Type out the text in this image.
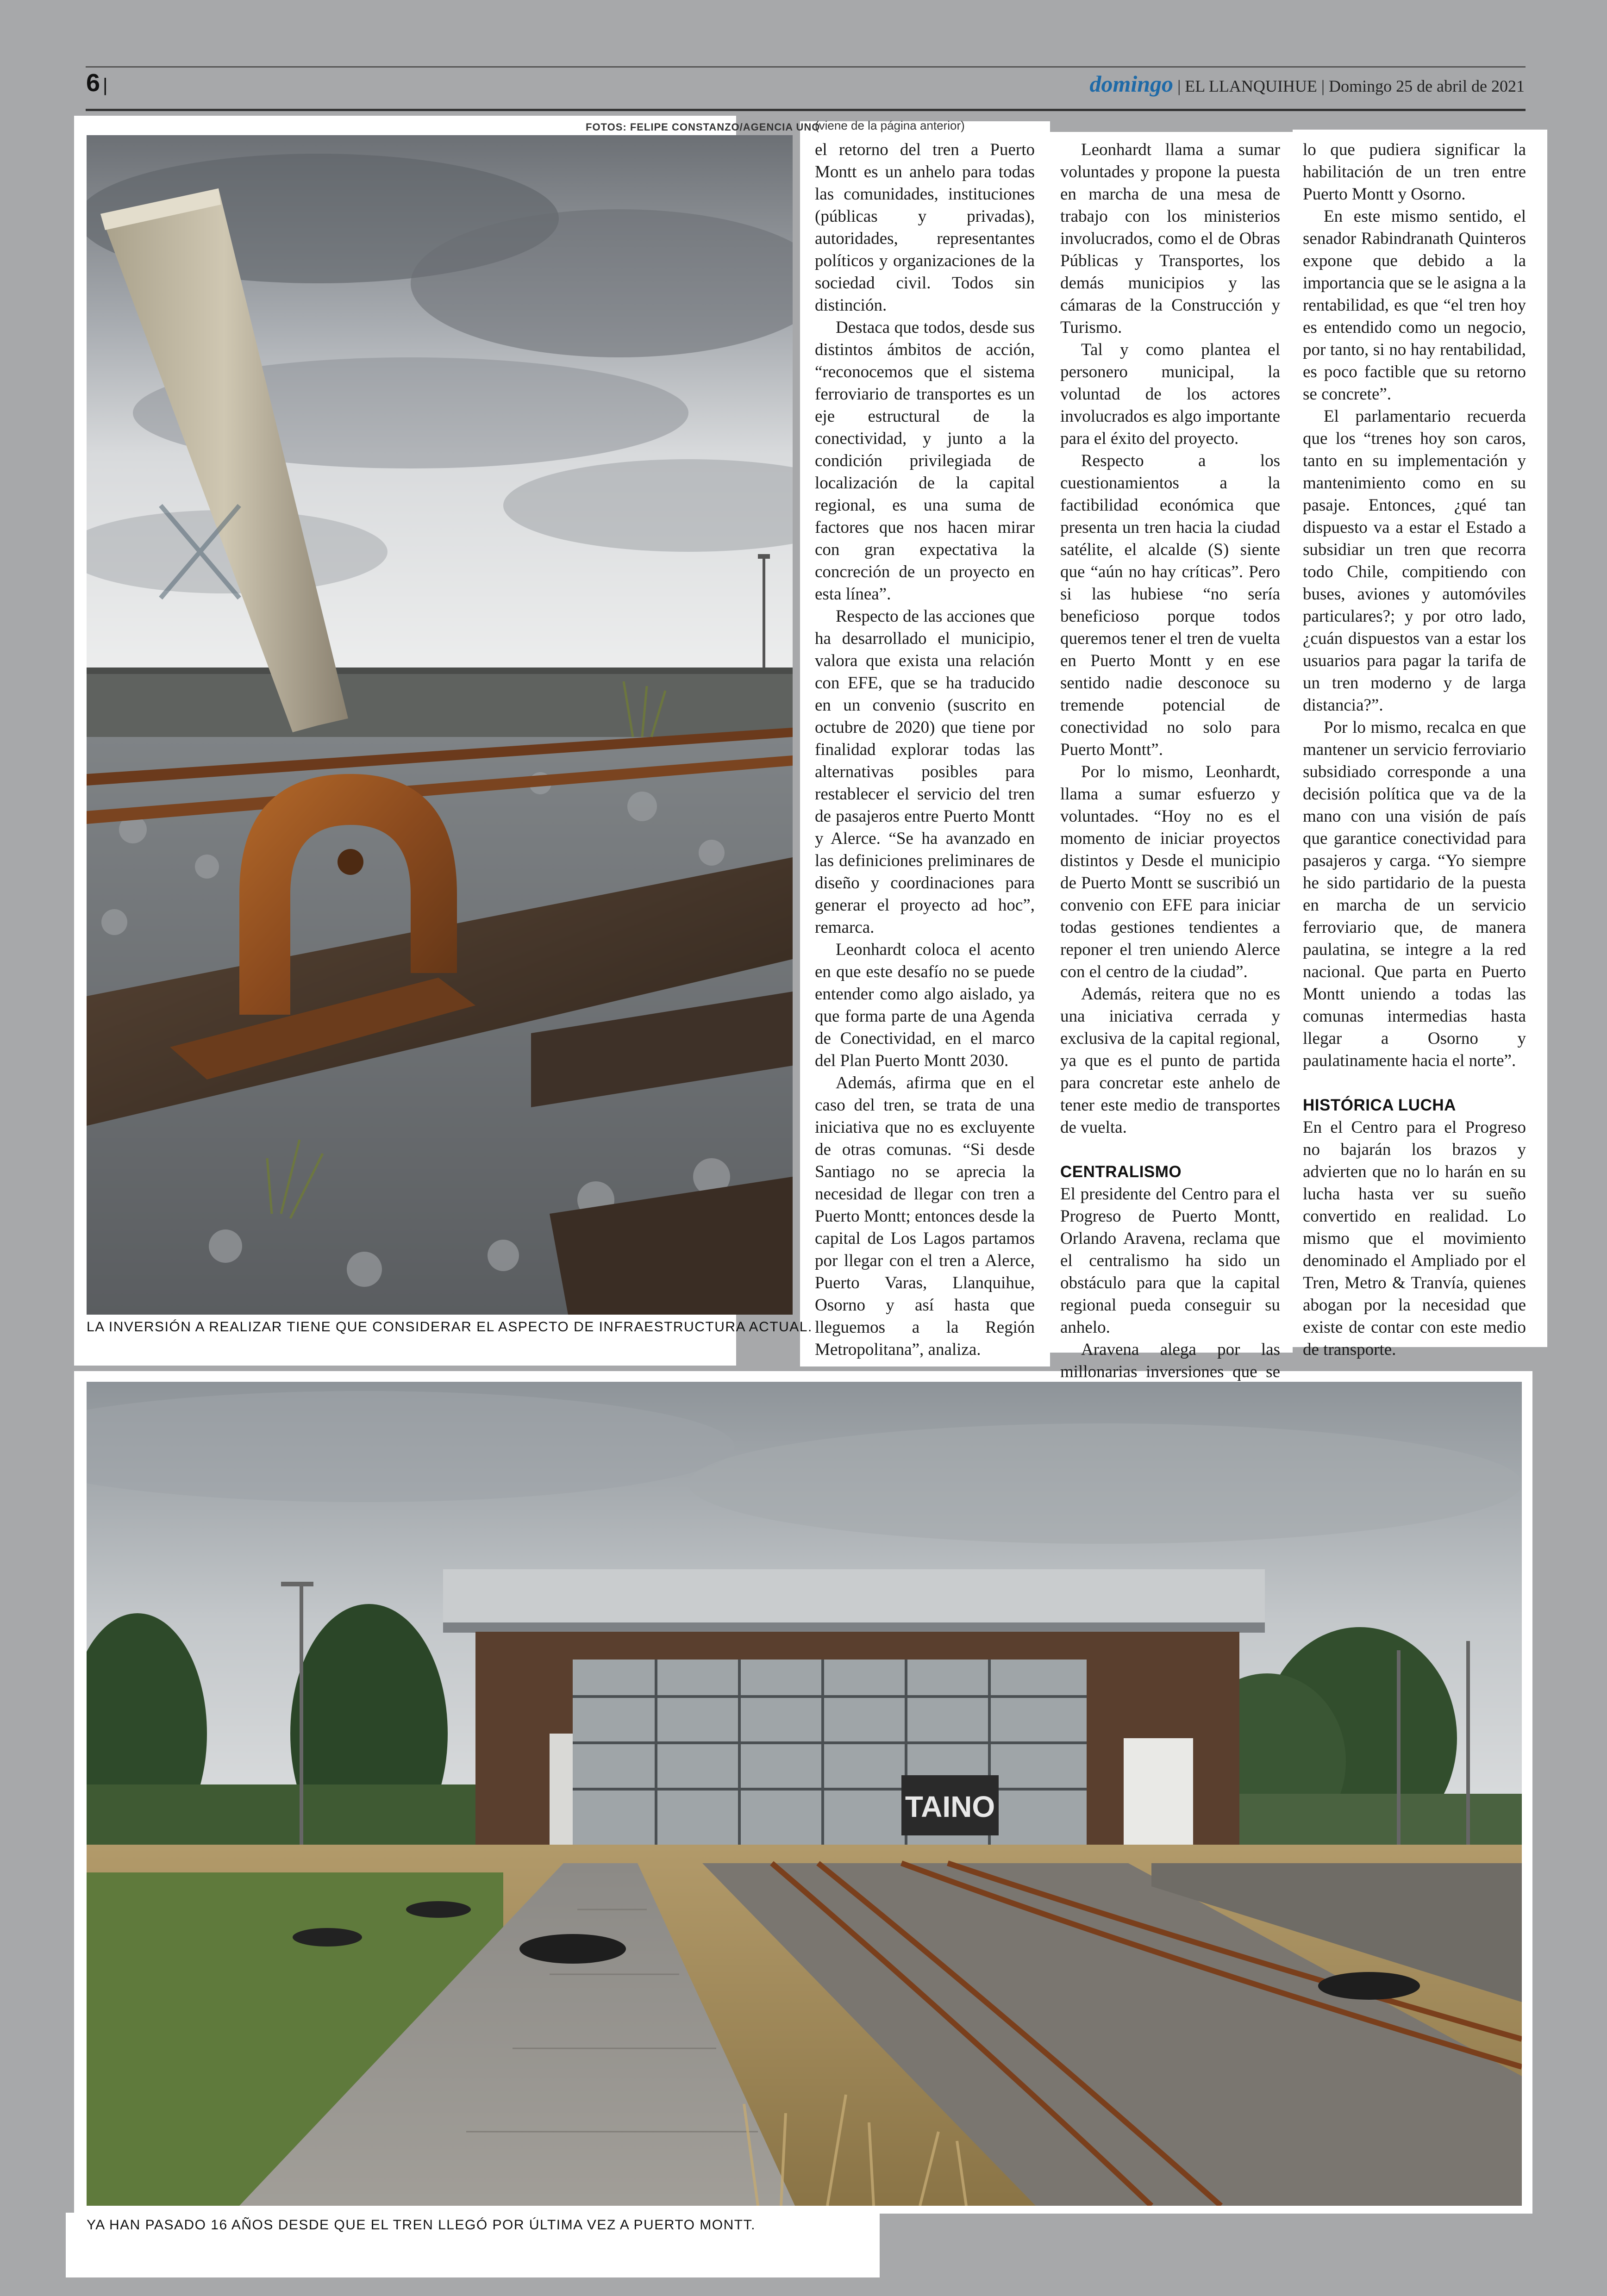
6 |	domingo | EL LLANQUIHUE | Domingo 25 de abril de 2021
FOTOS: FELIPE CONSTANZO/AGENCIA UNO
LA INVERSIÓN A REALIZAR TIENE QUE CONSIDERAR EL ASPECTO DE INFRAESTRUCTURA ACTUAL.
(viene de la página anterior)

el retorno del tren a Puerto Montt es un anhelo para todas las comunidades, instituciones (públicas y privadas), autoridades, representantes políticos y organizaciones de la sociedad civil. Todos sin distinción.

Destaca que todos, desde sus distintos ámbitos de acción, “reconocemos que el sistema ferroviario de transportes es un eje estructural de la conectividad, y junto a la condición privilegiada de localización de la capital regional, es una suma de factores que nos hacen mirar con gran expectativa la concreción de un proyecto en esta línea”.

Respecto de las acciones que ha desarrollado el municipio, valora que exista una relación con EFE, que se ha traducido en un convenio (suscrito en octubre de 2020) que tiene por finalidad explorar todas las alternativas posibles para restablecer el servicio del tren de pasajeros entre Puerto Montt y Alerce. “Se ha avanzado en las definiciones preliminares de diseño y coordinaciones para generar el proyecto ad hoc”, remarca.

Leonhardt coloca el acento en que este desafío no se puede entender como algo aislado, ya que forma parte de una Agenda de Conectividad, en el marco del Plan Puerto Montt 2030.

Además, afirma que en el caso del tren, se trata de una iniciativa que no es excluyente de otras comunas. “Si desde Santiago no se aprecia la necesidad de llegar con tren a Puerto Montt; entonces desde la capital de Los Lagos partamos por llegar con el tren a Alerce, Puerto Varas, Llanquihue, Osorno y así hasta que lleguemos a la Región Metropolitana”, analiza.

Leonhardt llama a sumar voluntades y propone la puesta en marcha de una mesa de trabajo con los ministerios involucrados, como el de Obras Públicas y Transportes, los demás municipios y las cámaras de la Construcción y Turismo.

Tal y como plantea el personero municipal, la voluntad de los actores involucrados es algo importante para el éxito del proyecto.

Respecto a los cuestionamientos a la factibilidad económica que presenta un tren hacia la ciudad satélite, el alcalde (S) siente que “aún no hay críticas”. Pero si las hubiese “no sería beneficioso porque todos queremos tener el tren de vuelta en Puerto Montt y en ese sentido nadie desconoce su tremende potencial de conectividad no solo para Puerto Montt”.

Por lo mismo, Leonhardt, llama a sumar esfuerzo y voluntades. “Hoy no es el momento de iniciar proyectos distintos y Desde el municipio de Puerto Montt se suscribió un convenio con EFE para iniciar todas gestiones tendientes a reponer el tren uniendo Alerce con el centro de la ciudad”.

Además, reitera que no es una iniciativa cerrada y exclusiva de la capital regional, ya que es el punto de partida para concretar este anhelo de tener este medio de transportes de vuelta.

CENTRALISMO

El presidente del Centro para el Progreso de Puerto Montt, Orlando Aravena, reclama que el centralismo ha sido un obstáculo para que la capital regional pueda conseguir su anhelo.

Aravena alega por las millonarias inversiones que se

lo que pudiera significar la habilitación de un tren entre Puerto Montt y Osorno.

En este mismo sentido, el senador Rabindranath Quinteros expone que debido a la importancia que se le asigna a la rentabilidad, es que “el tren hoy es entendido como un negocio, por tanto, si no hay rentabilidad, es poco factible que su retorno se concrete”.

El parlamentario recuerda que los “trenes hoy son caros, tanto en su implementación y mantenimiento como en su pasaje. Entonces, ¿qué tan dispuesto va a estar el Estado a subsidiar un tren que recorra todo Chile, compitiendo con buses, aviones y automóviles particulares?; y por otro lado, ¿cuán dispuestos van a estar los usuarios para pagar la tarifa de un tren moderno y de larga distancia?”.

Por lo mismo, recalca en que mantener un servicio ferroviario subsidiado corresponde a una decisión política que va de la mano con una visión de país que garantice conectividad para pasajeros y carga. “Yo siempre he sido partidario de la puesta en marcha de un servicio ferroviario que, de manera paulatina, se integre a la red nacional. Que parta en Puerto Montt uniendo a todas las comunas intermedias hasta llegar a Osorno y paulatinamente hacia el norte”.

HISTÓRICA LUCHA

En el Centro para el Progreso no bajarán los brazos y advierten que no lo harán en su lucha hasta ver su sueño convertido en realidad. Lo mismo que el movimiento denominado el Ampliado por el Tren, Metro & Tranvía, quienes abogan por la necesidad que existe de contar con este medio de transporte.

TAINO
YA HAN PASADO 16 AÑOS DESDE QUE EL TREN LLEGÓ POR ÚLTIMA VEZ A PUERTO MONTT.
